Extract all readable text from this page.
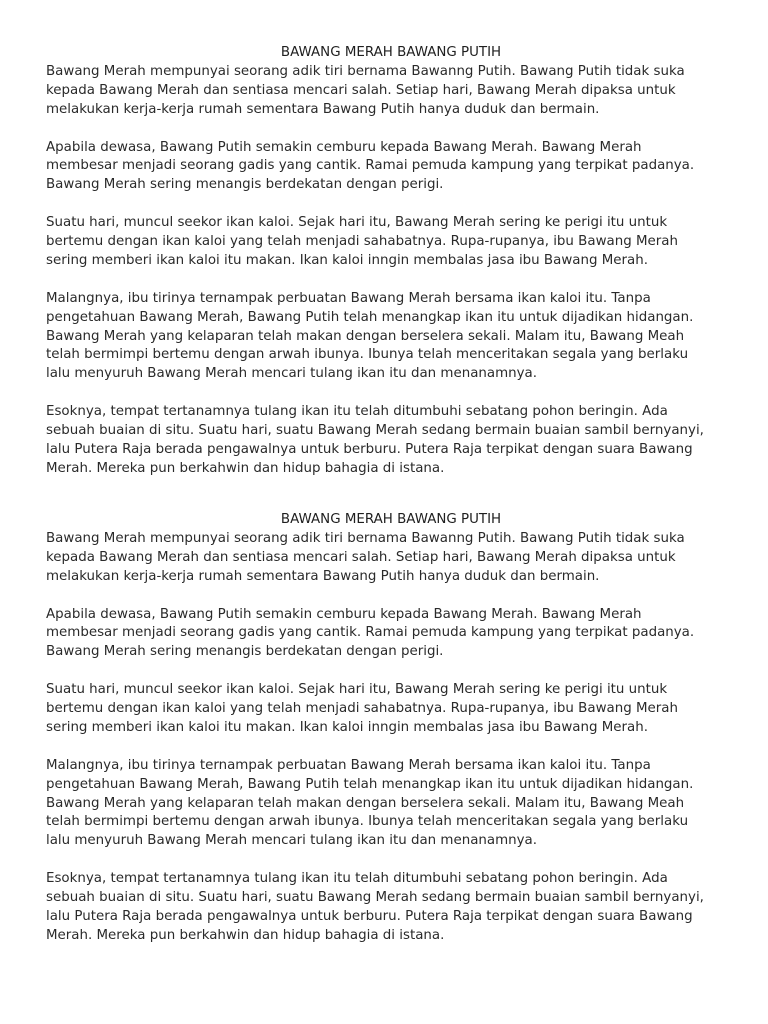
BAWANG MERAH BAWANG PUTIH
Bawang Merah mempunyai seorang adik tiri bernama Bawanng Putih. Bawang Putih tidak suka
kepada Bawang Merah dan sentiasa mencari salah. Setiap hari, Bawang Merah dipaksa untuk
melakukan kerja-kerja rumah sementara Bawang Putih hanya duduk dan bermain.
Apabila dewasa, Bawang Putih semakin cemburu kepada Bawang Merah. Bawang Merah
membesar menjadi seorang gadis yang cantik. Ramai pemuda kampung yang terpikat padanya.
Bawang Merah sering menangis berdekatan dengan perigi.
Suatu hari, muncul seekor ikan kaloi. Sejak hari itu, Bawang Merah sering ke perigi itu untuk
bertemu dengan ikan kaloi yang telah menjadi sahabatnya. Rupa-rupanya, ibu Bawang Merah
sering memberi ikan kaloi itu makan. Ikan kaloi inngin membalas jasa ibu Bawang Merah.
Malangnya, ibu tirinya ternampak perbuatan Bawang Merah bersama ikan kaloi itu. Tanpa
pengetahuan Bawang Merah, Bawang Putih telah menangkap ikan itu untuk dijadikan hidangan.
Bawang Merah yang kelaparan telah makan dengan berselera sekali. Malam itu, Bawang Meah
telah bermimpi bertemu dengan arwah ibunya. Ibunya telah menceritakan segala yang berlaku
lalu menyuruh Bawang Merah mencari tulang ikan itu dan menanamnya.
Esoknya, tempat tertanamnya tulang ikan itu telah ditumbuhi sebatang pohon beringin. Ada
sebuah buaian di situ. Suatu hari, suatu Bawang Merah sedang bermain buaian sambil bernyanyi,
lalu Putera Raja berada pengawalnya untuk berburu. Putera Raja terpikat dengan suara Bawang
Merah. Mereka pun berkahwin dan hidup bahagia di istana.
BAWANG MERAH BAWANG PUTIH
Bawang Merah mempunyai seorang adik tiri bernama Bawanng Putih. Bawang Putih tidak suka
kepada Bawang Merah dan sentiasa mencari salah. Setiap hari, Bawang Merah dipaksa untuk
melakukan kerja-kerja rumah sementara Bawang Putih hanya duduk dan bermain.
Apabila dewasa, Bawang Putih semakin cemburu kepada Bawang Merah. Bawang Merah
membesar menjadi seorang gadis yang cantik. Ramai pemuda kampung yang terpikat padanya.
Bawang Merah sering menangis berdekatan dengan perigi.
Suatu hari, muncul seekor ikan kaloi. Sejak hari itu, Bawang Merah sering ke perigi itu untuk
bertemu dengan ikan kaloi yang telah menjadi sahabatnya. Rupa-rupanya, ibu Bawang Merah
sering memberi ikan kaloi itu makan. Ikan kaloi inngin membalas jasa ibu Bawang Merah.
Malangnya, ibu tirinya ternampak perbuatan Bawang Merah bersama ikan kaloi itu. Tanpa
pengetahuan Bawang Merah, Bawang Putih telah menangkap ikan itu untuk dijadikan hidangan.
Bawang Merah yang kelaparan telah makan dengan berselera sekali. Malam itu, Bawang Meah
telah bermimpi bertemu dengan arwah ibunya. Ibunya telah menceritakan segala yang berlaku
lalu menyuruh Bawang Merah mencari tulang ikan itu dan menanamnya.
Esoknya, tempat tertanamnya tulang ikan itu telah ditumbuhi sebatang pohon beringin. Ada
sebuah buaian di situ. Suatu hari, suatu Bawang Merah sedang bermain buaian sambil bernyanyi,
lalu Putera Raja berada pengawalnya untuk berburu. Putera Raja terpikat dengan suara Bawang
Merah. Mereka pun berkahwin dan hidup bahagia di istana.
